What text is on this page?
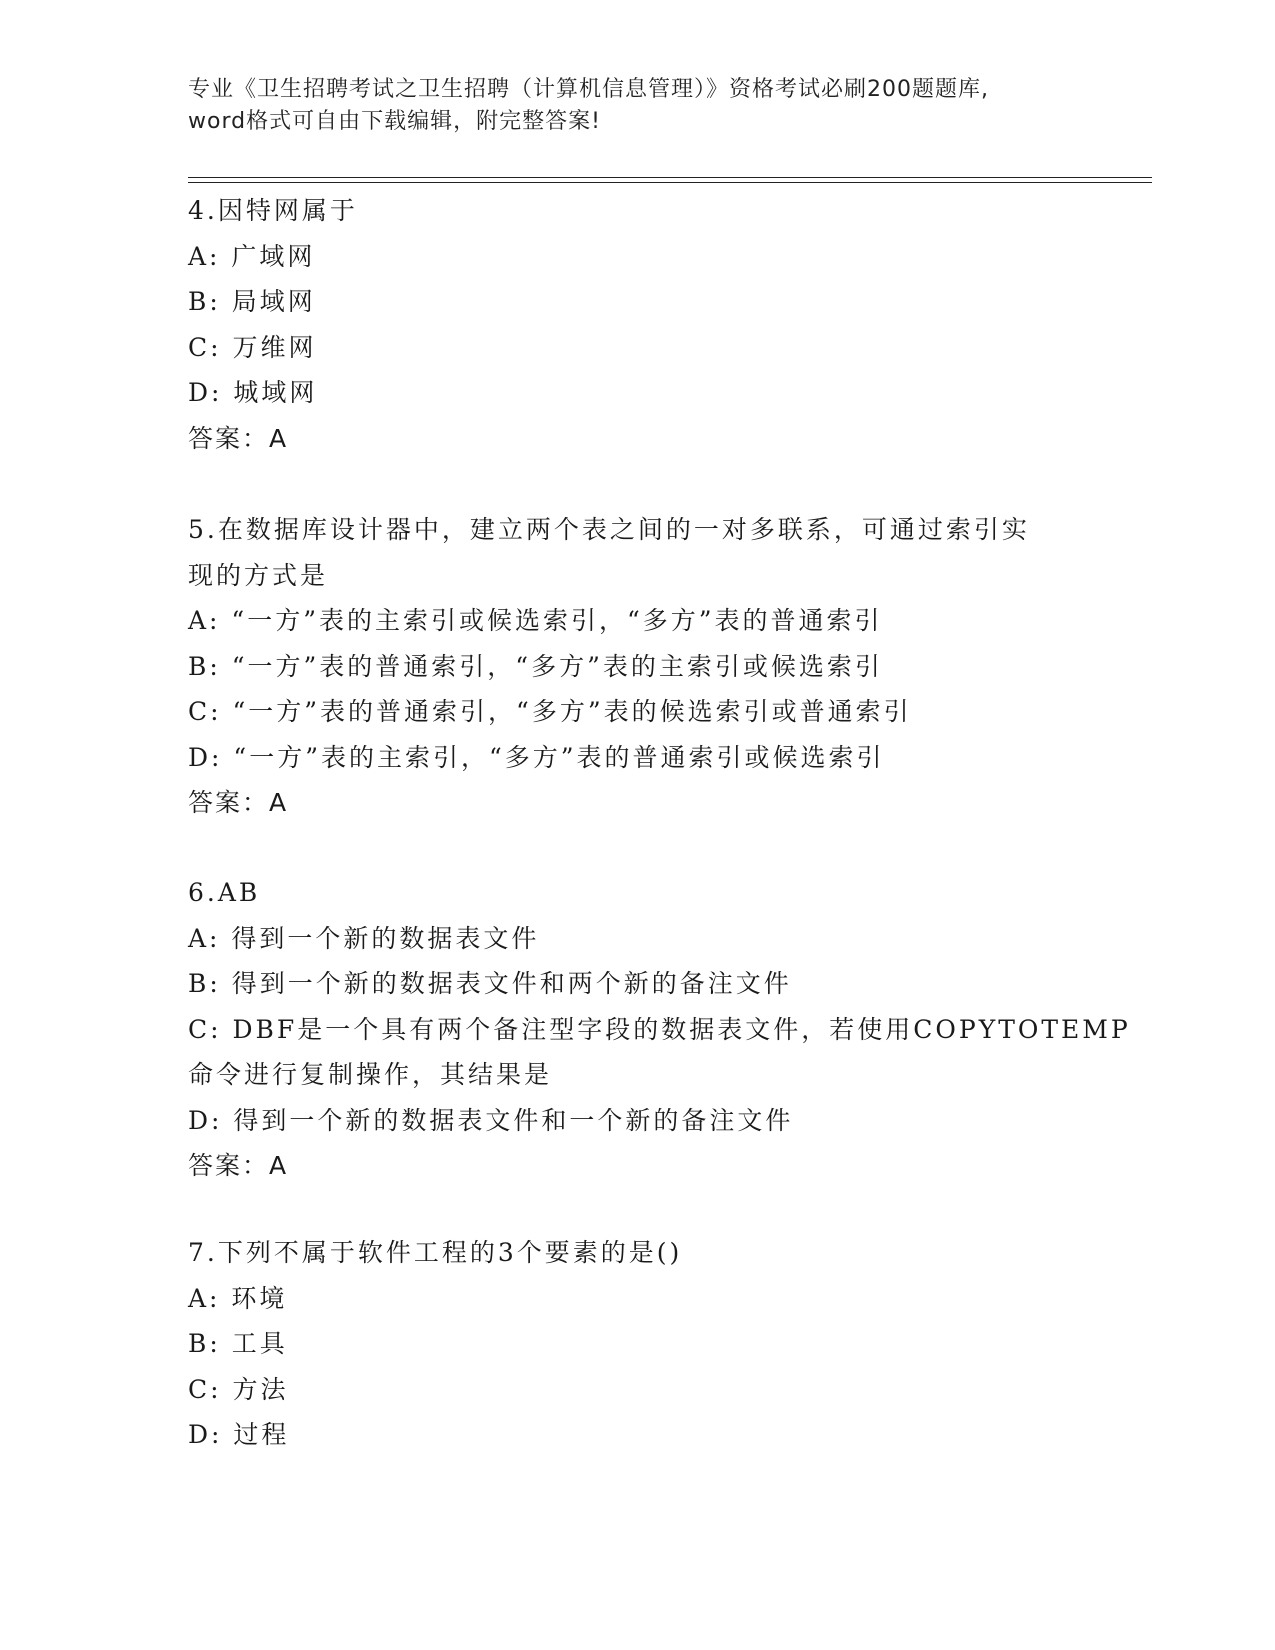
专业《卫生招聘考试之卫生招聘（计算机信息管理）》资格考试必刷200题题库,

word格式可自由下载编辑，附完整答案!

4.因特网属于
A: 广域网
B: 局域网
C: 万维网
D: 城域网
答案：A
5.在数据库设计器中，建立两个表之间的一对多联系，可通过索引实
现的方式是
A: “一方”表的主索引或候选索引，“多方”表的普通索引
B: “一方”表的普通索引，“多方”表的主索引或候选索引
C: “一方”表的普通索引，“多方”表的候选索引或普通索引
D: “一方”表的主索引，“多方”表的普通索引或候选索引
答案：A
6.AB
A: 得到一个新的数据表文件
B: 得到一个新的数据表文件和两个新的备注文件
C: DBF是一个具有两个备注型字段的数据表文件，若使用COPYTOTEMP
命令进行复制操作，其结果是
D: 得到一个新的数据表文件和一个新的备注文件
答案：A
7.下列不属于软件工程的3个要素的是()
A: 环境
B: 工具
C: 方法
D: 过程
